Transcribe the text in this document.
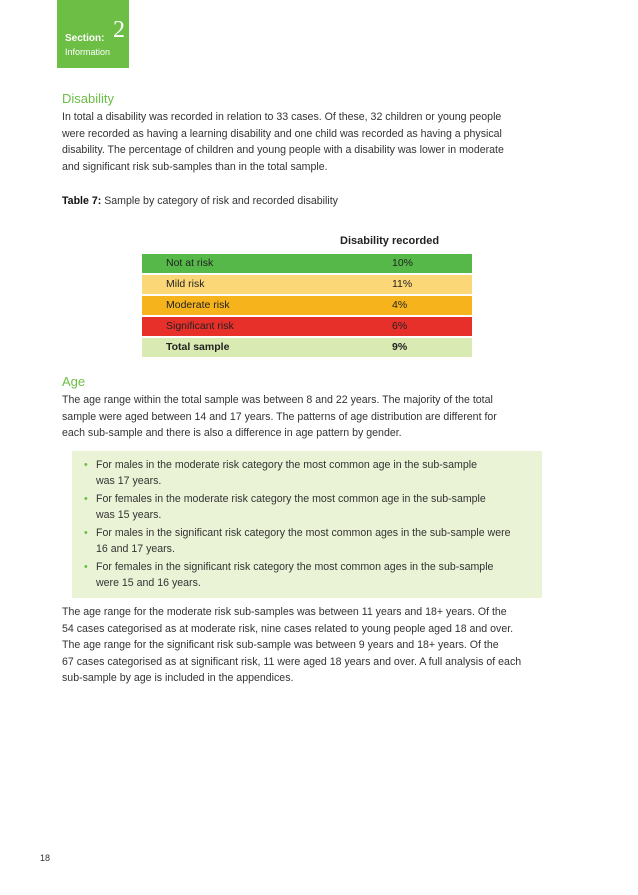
Section: 2
Information
Disability
In total a disability was recorded in relation to 33 cases. Of these, 32 children or young people
were recorded as having a learning disability and one child was recorded as having a physical
disability. The percentage of children and young people with a disability was lower in moderate
and significant risk sub-samples than in the total sample.
Table 7: Sample by category of risk and recorded disability
Disability recorded
Not at risk	10%
Mild risk	11%
Moderate risk	4%
Significant risk	6%
Total sample	9%
Age
The age range within the total sample was between 8 and 22 years. The majority of the total
sample were aged between 14 and 17 years. The patterns of age distribution are different for
each sub-sample and there is also a difference in age pattern by gender.
• For males in the moderate risk category the most common age in the sub-sample
was 17 years.
• For females in the moderate risk category the most common age in the sub-sample
was 15 years.
• For males in the significant risk category the most common ages in the sub-sample were
16 and 17 years.
• For females in the significant risk category the most common ages in the sub-sample
were 15 and 16 years.
The age range for the moderate risk sub-samples was between 11 years and 18+ years. Of the
54 cases categorised as at moderate risk, nine cases related to young people aged 18 and over.
The age range for the significant risk sub-sample was between 9 years and 18+ years. Of the
67 cases categorised as at significant risk, 11 were aged 18 years and over. A full analysis of each
sub-sample by age is included in the appendices.
18
